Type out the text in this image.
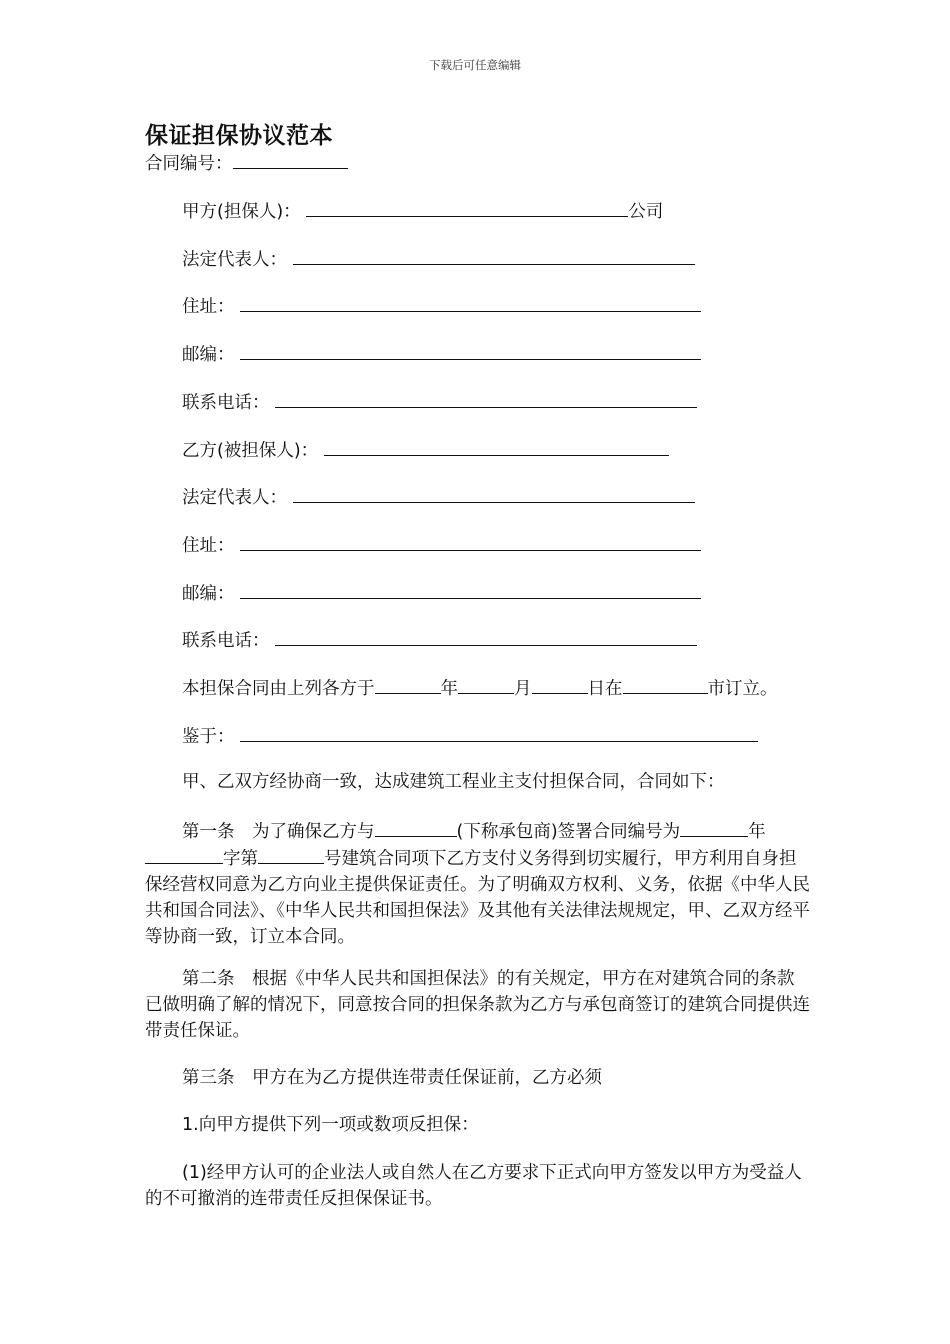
下载后可任意编辑
保证担保协议范本
合同编号：
甲方(担保人)：	公司
法定代表人：
住址：
邮编：
联系电话：
乙方(被担保人)：
法定代表人：
住址：
邮编：
联系电话：
本担保合同由上列各方于	年	月	日在	市订立。
鉴于：
甲、乙双方经协商一致，达成建筑工程业主支付担保合同，合同如下：
第一条　为了确保乙方与	(下称承包商)签署合同编号为	年字第	号建筑合同项下乙方支付义务得到切实履行，甲方利用自身担保经营权同意为乙方向业主提供保证责任。为了明确双方权利、义务，依据《中华人民共和国合同法》、《中华人民共和国担保法》及其他有关法律法规规定，甲、乙双方经平等协商一致，订立本合同。
第二条　根据《中华人民共和国担保法》的有关规定，甲方在对建筑合同的条款已做明确了解的情况下，同意按合同的担保条款为乙方与承包商签订的建筑合同提供连带责任保证。
第三条　甲方在为乙方提供连带责任保证前，乙方必须
1.向甲方提供下列一项或数项反担保：
(1)经甲方认可的企业法人或自然人在乙方要求下正式向甲方签发以甲方为受益人的不可撤消的连带责任反担保保证书。
